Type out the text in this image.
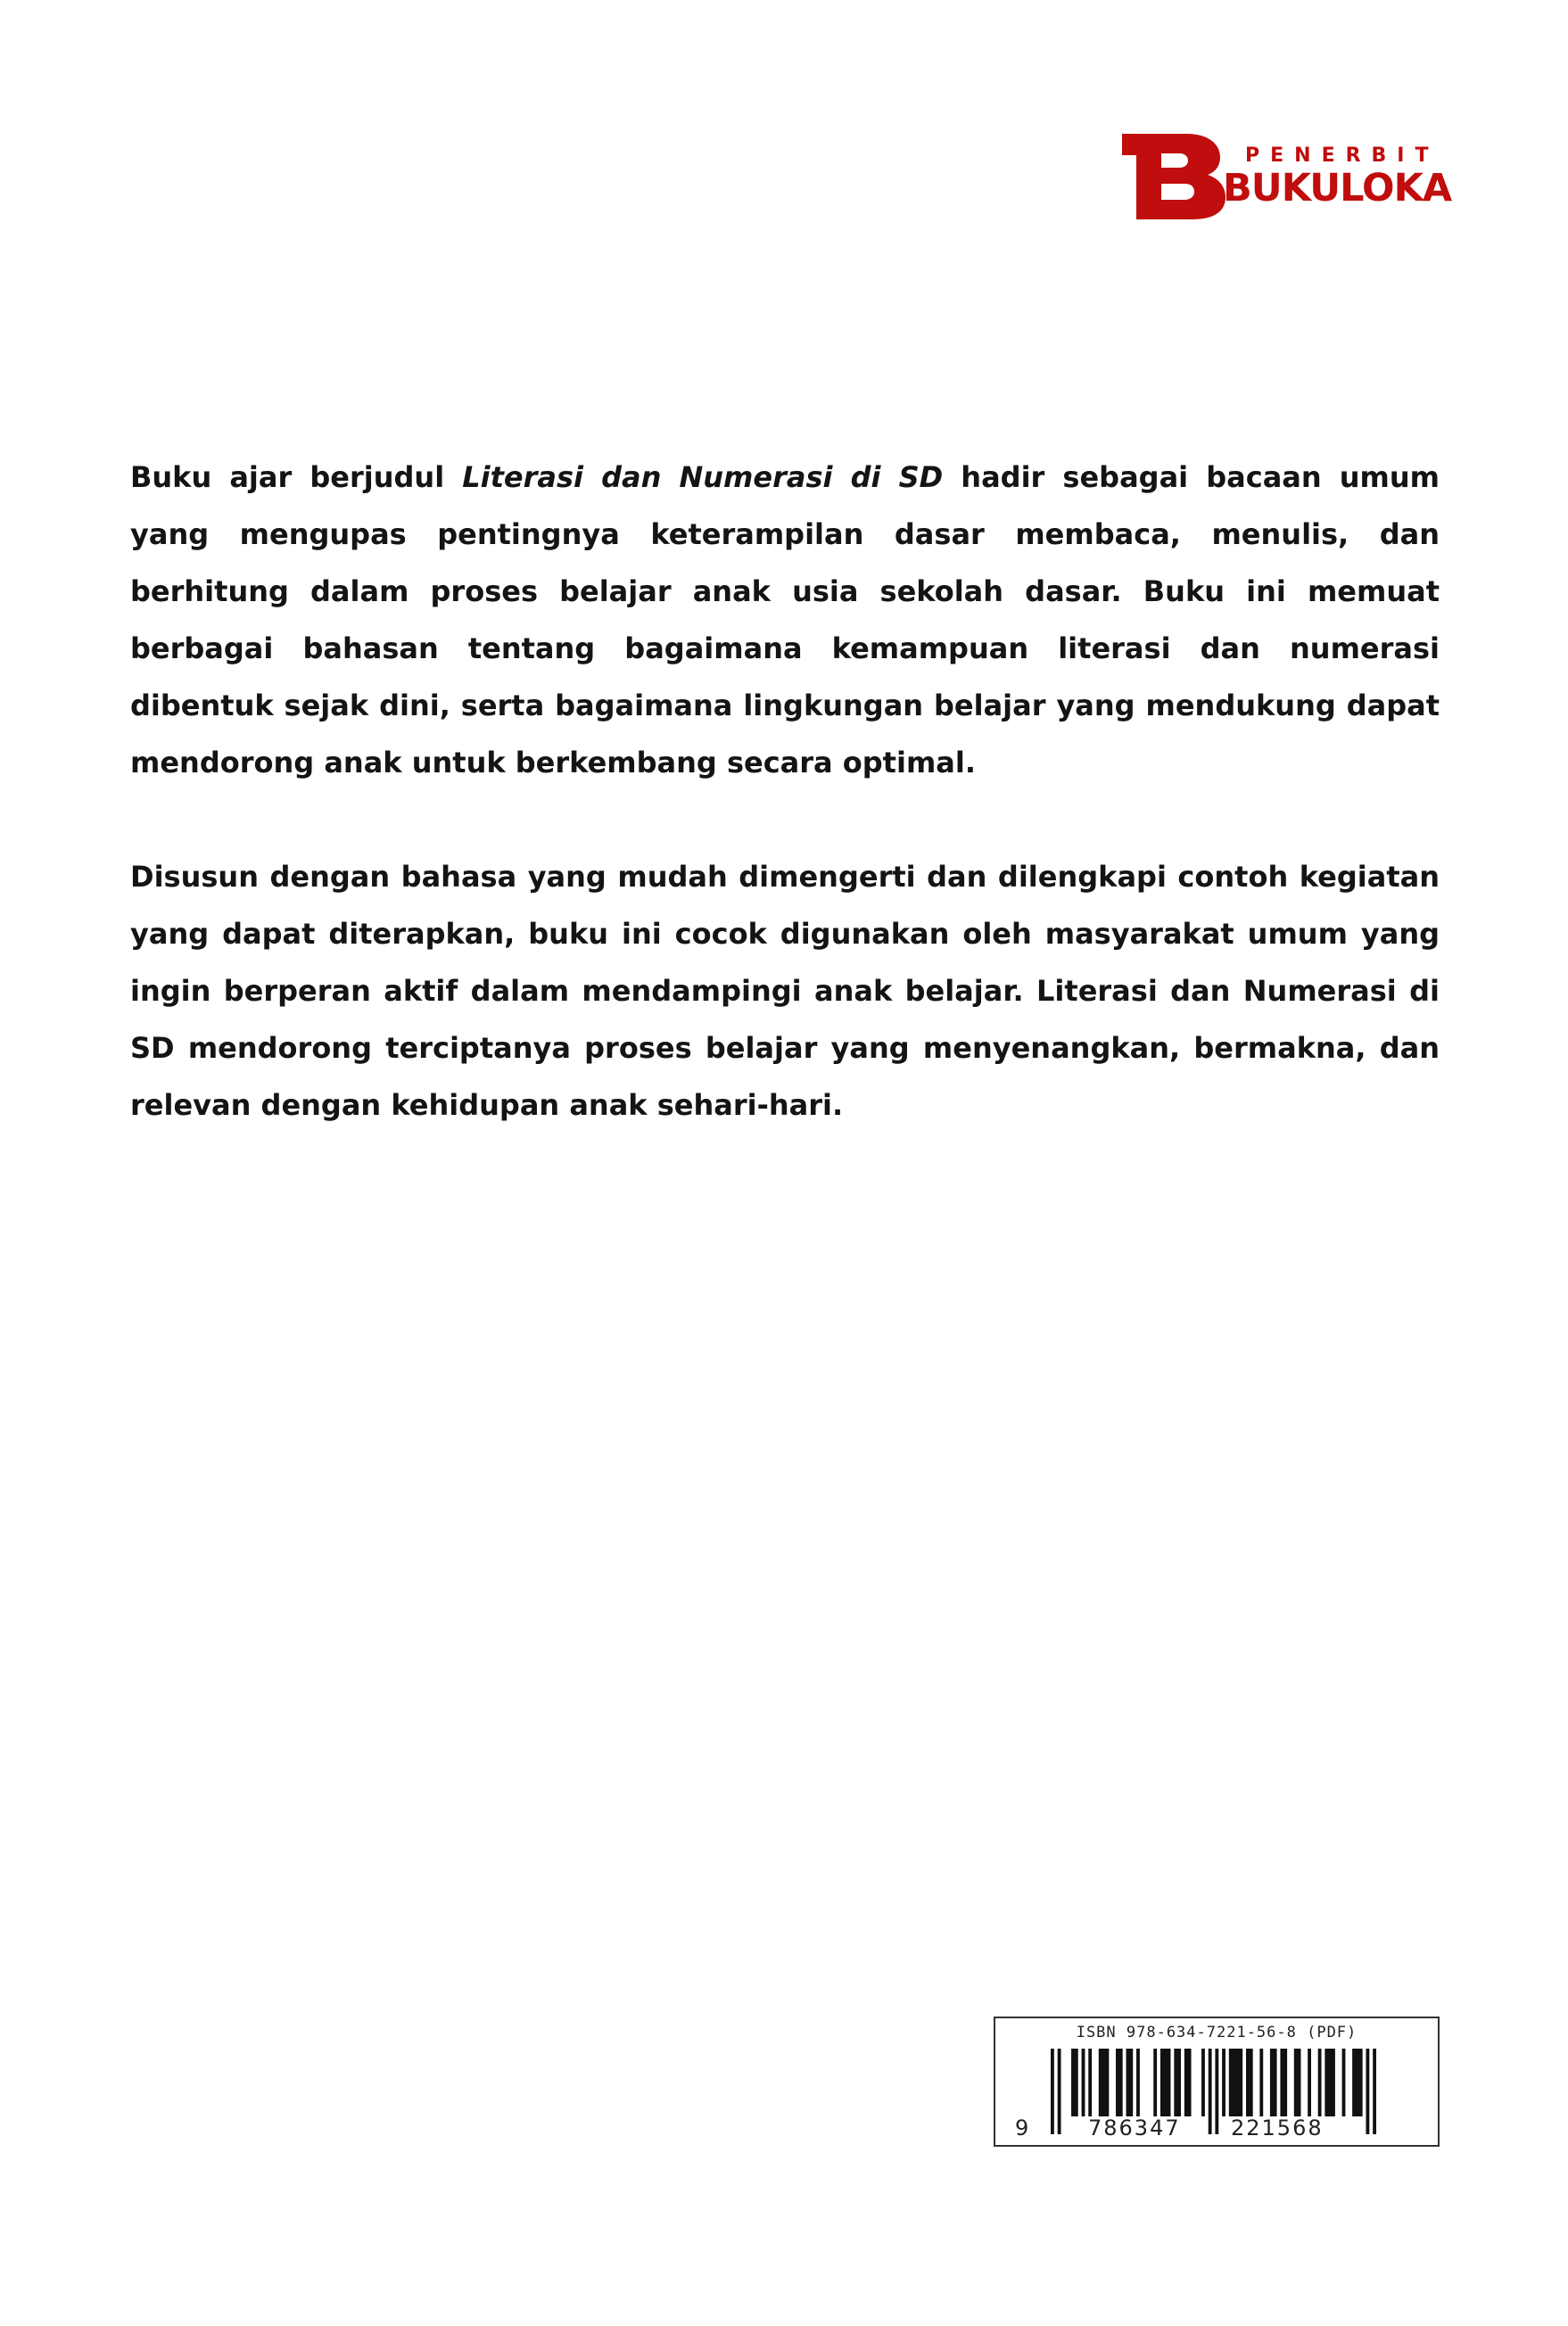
PENERBIT
BUKULOKA

Buku ajar berjudul Literasi dan Numerasi di SD hadir sebagai bacaan umum yang mengupas pentingnya keterampilan dasar membaca, menulis, dan berhitung dalam proses belajar anak usia sekolah dasar. Buku ini memuat berbagai bahasan tentang bagaimana kemampuan literasi dan numerasi dibentuk sejak dini, serta bagaimana lingkungan belajar yang mendukung dapat mendorong anak untuk berkembang secara optimal.

Disusun dengan bahasa yang mudah dimengerti dan dilengkapi contoh kegiatan yang dapat diterapkan, buku ini cocok digunakan oleh masyarakat umum yang ingin berperan aktif dalam mendampingi anak belajar. Literasi dan Numerasi di SD mendorong terciptanya proses belajar yang menyenangkan, bermakna, dan relevan dengan kehidupan anak sehari-hari.

ISBN 978-634-7221-56-8 (PDF)
9	786347 221568
